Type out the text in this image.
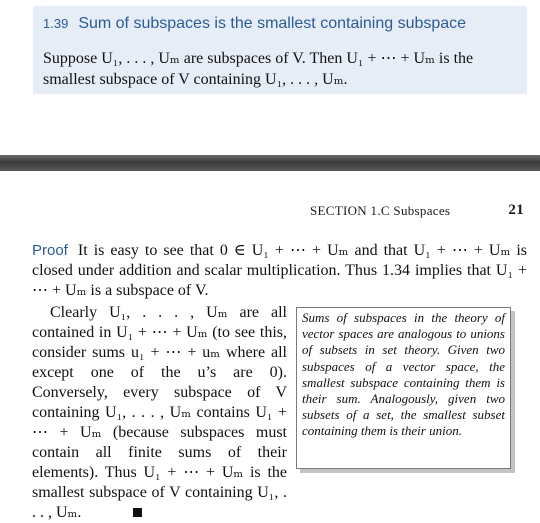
1.39 Sum of subspaces is the smallest containing subspace
Suppose U₁, . . . , Uₘ are subspaces of V. Then U₁ + ⋯ + Uₘ is the
smallest subspace of V containing U₁, . . . , Uₘ.
SECTION 1.C Subspaces	21
Proof It is easy to see that 0 ∈ U₁ + ⋯ + Uₘ and that U₁ + ⋯ + Uₘ is closed under addition and scalar multiplication. Thus 1.34 implies that U₁ + ⋯ + Uₘ is a subspace of V.
Clearly U₁, . . . , Uₘ are all contained in U₁ + ⋯ + Uₘ (to see this, consider sums u₁ + ⋯ + uₘ where all except one of the u’s are 0). Conversely, every subspace of V containing U₁, . . . , Uₘ contains U₁ + ⋯ + Uₘ (because subspaces must contain all finite sums of their elements). Thus U₁ + ⋯ + Uₘ is the smallest subspace of V containing U₁, . . . , Uₘ.
Sums of subspaces in the theory of vector spaces are analogous to unions of subsets in set theory. Given two subspaces of a vector space, the smallest subspace containing them is their sum. Analogously, given two subsets of a set, the smallest subset containing them is their union.
